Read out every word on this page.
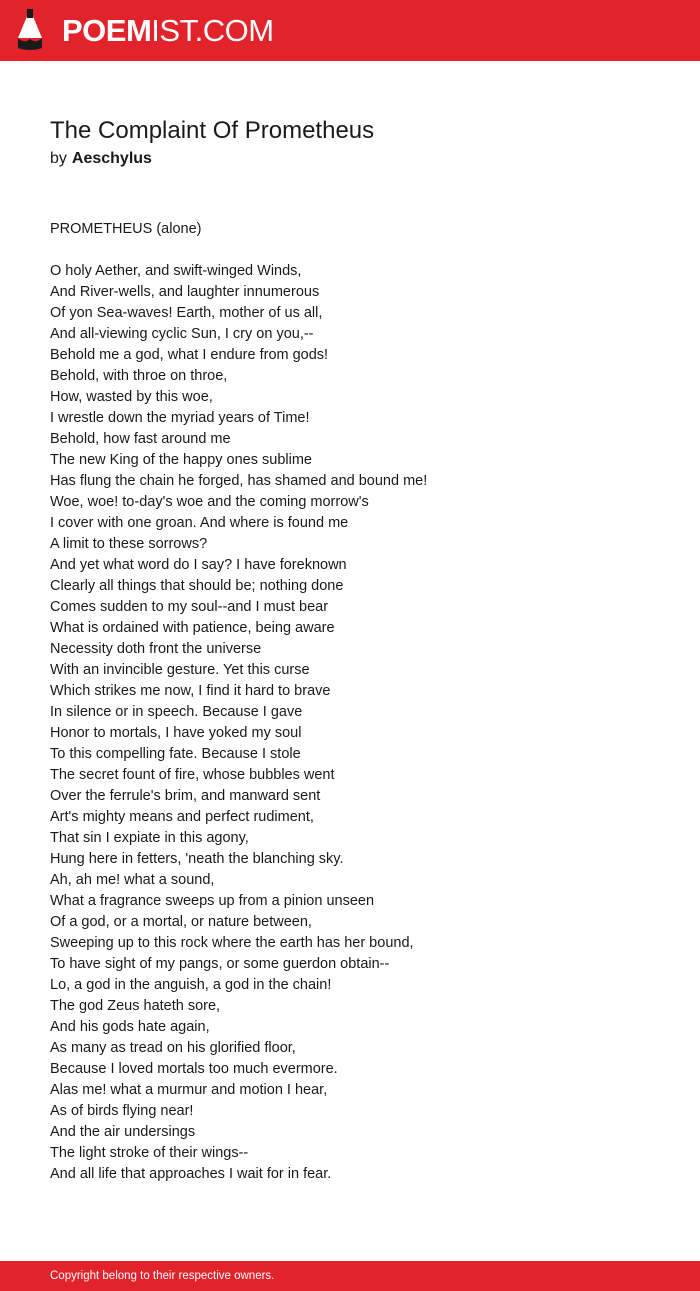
POEMIST.COM
The Complaint Of Prometheus
by Aeschylus
PROMETHEUS (alone)
O holy Aether, and swift-winged Winds,
And River-wells, and laughter innumerous
Of yon Sea-waves! Earth, mother of us all,
And all-viewing cyclic Sun, I cry on you,--
Behold me a god, what I endure from gods!
Behold, with throe on throe,
How, wasted by this woe,
I wrestle down the myriad years of Time!
Behold, how fast around me
The new King of the happy ones sublime
Has flung the chain he forged, has shamed and bound me!
Woe, woe! to-day's woe and the coming morrow's
I cover with one groan. And where is found me
A limit to these sorrows?
And yet what word do I say? I have foreknown
Clearly all things that should be; nothing done
Comes sudden to my soul--and I must bear
What is ordained with patience, being aware
Necessity doth front the universe
With an invincible gesture. Yet this curse
Which strikes me now, I find it hard to brave
In silence or in speech. Because I gave
Honor to mortals, I have yoked my soul
To this compelling fate. Because I stole
The secret fount of fire, whose bubbles went
Over the ferrule's brim, and manward sent
Art's mighty means and perfect rudiment,
That sin I expiate in this agony,
Hung here in fetters, 'neath the blanching sky.
Ah, ah me! what a sound,
What a fragrance sweeps up from a pinion unseen
Of a god, or a mortal, or nature between,
Sweeping up to this rock where the earth has her bound,
To have sight of my pangs, or some guerdon obtain--
Lo, a god in the anguish, a god in the chain!
The god Zeus hateth sore,
And his gods hate again,
As many as tread on his glorified floor,
Because I loved mortals too much evermore.
Alas me! what a murmur and motion I hear,
As of birds flying near!
And the air undersings
The light stroke of their wings--
And all life that approaches I wait for in fear.
Copyright belong to their respective owners.
